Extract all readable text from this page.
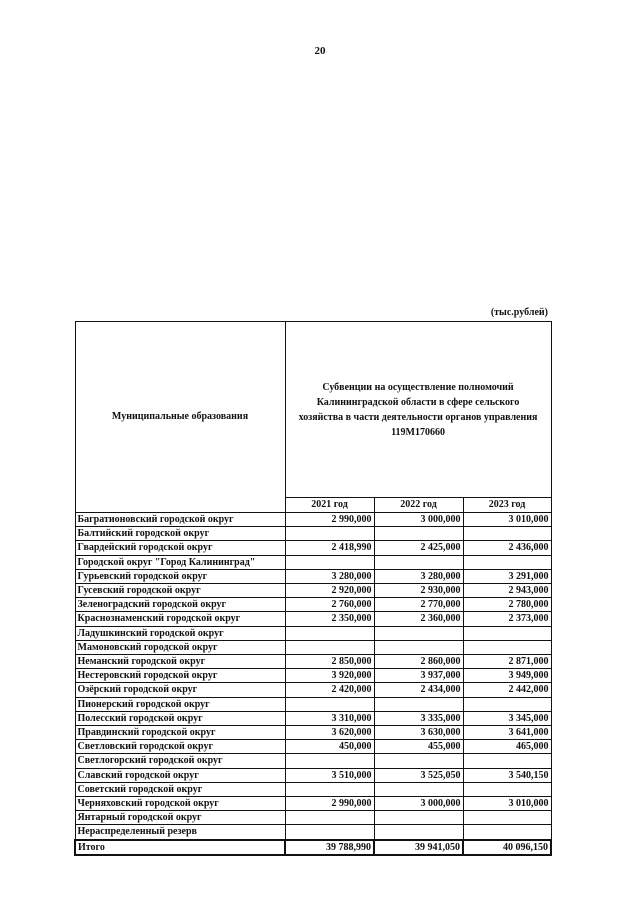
20
(тыс.рублей)
Муниципальные образования	Субвенции на осуществление полномочий Калининградской области в сфере сельского хозяйства в части деятельности органов управления 119М170660		
	2021 год	2022 год	2023 год
Багратионовский городской округ	2 990,000	3 000,000	3 010,000
Балтийский городской округ			
Гвардейский городской округ	2 418,990	2 425,000	2 436,000
Городской округ "Город Калининград"			
Гурьевский городской округ	3 280,000	3 280,000	3 291,000
Гусевский городской округ	2 920,000	2 930,000	2 943,000
Зеленоградский городской округ	2 760,000	2 770,000	2 780,000
Краснознаменский городской округ	2 350,000	2 360,000	2 373,000
Ладушкинский городской округ			
Мамоновский городской округ			
Неманский городской округ	2 850,000	2 860,000	2 871,000
Нестеровский городской округ	3 920,000	3 937,000	3 949,000
Озёрский городской округ	2 420,000	2 434,000	2 442,000
Пионерский городской округ			
Полесский городской округ	3 310,000	3 335,000	3 345,000
Правдинский городской округ	3 620,000	3 630,000	3 641,000
Светловский городской округ	450,000	455,000	465,000
Светлогорский городской округ			
Славский городской округ	3 510,000	3 525,050	3 540,150
Советский городской округ			
Черняховский городской округ	2 990,000	3 000,000	3 010,000
Янтарный городской округ			
Нераспределенный резерв			
Итого	39 788,990	39 941,050	40 096,150
